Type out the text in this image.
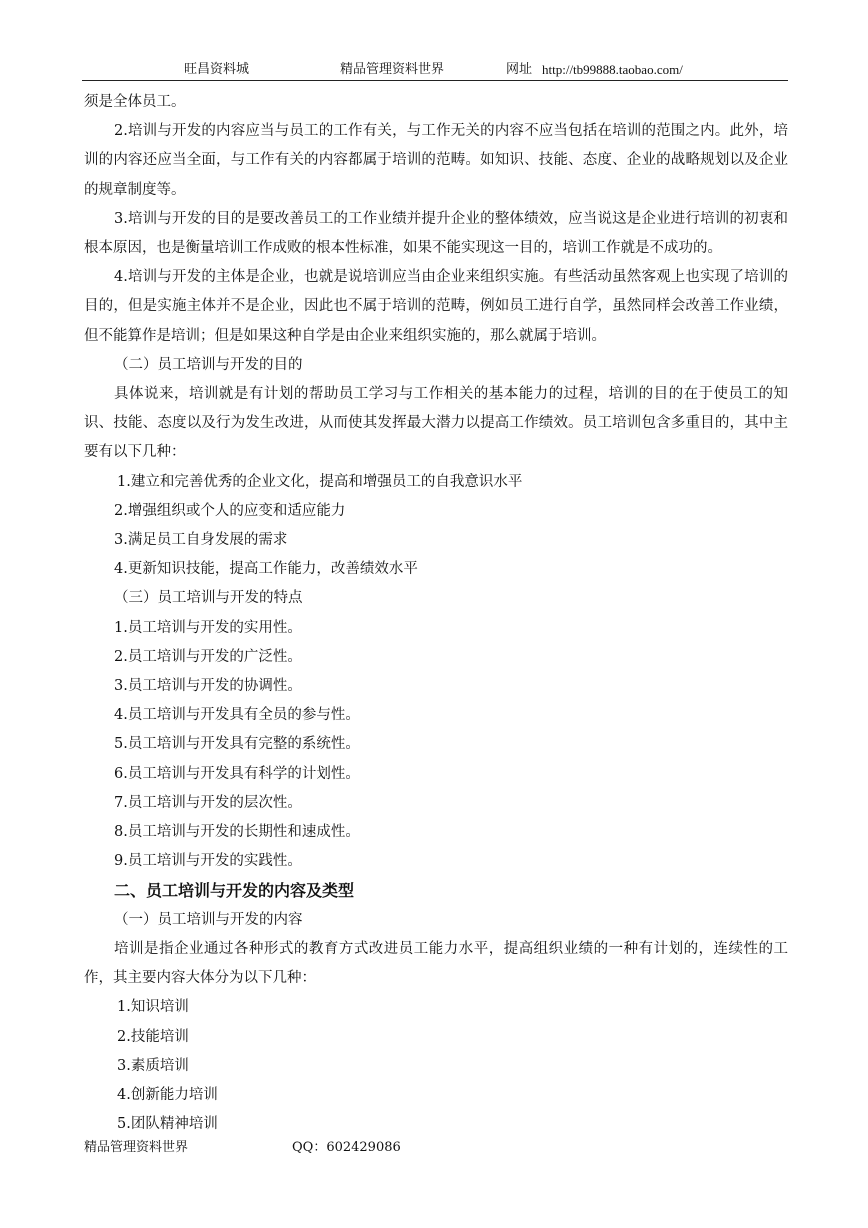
旺昌资料城	精品管理资料世界	网址 http://tb99888.taobao.com/

须是全体员工。

2.培训与开发的内容应当与员工的工作有关，与工作无关的内容不应当包括在培训的范围之内。此外，培训的内容还应当全面，与工作有关的内容都属于培训的范畴。如知识、技能、态度、企业的战略规划以及企业的规章制度等。

3.培训与开发的目的是要改善员工的工作业绩并提升企业的整体绩效，应当说这是企业进行培训的初衷和根本原因，也是衡量培训工作成败的根本性标准，如果不能实现这一目的，培训工作就是不成功的。

4.培训与开发的主体是企业，也就是说培训应当由企业来组织实施。有些活动虽然客观上也实现了培训的目的，但是实施主体并不是企业，因此也不属于培训的范畴，例如员工进行自学，虽然同样会改善工作业绩，但不能算作是培训；但是如果这种自学是由企业来组织实施的，那么就属于培训。

（二）员工培训与开发的目的

具体说来，培训就是有计划的帮助员工学习与工作相关的基本能力的过程，培训的目的在于使员工的知识、技能、态度以及行为发生改进，从而使其发挥最大潜力以提高工作绩效。员工培训包含多重目的，其中主要有以下几种：

1.建立和完善优秀的企业文化，提高和增强员工的自我意识水平

2.增强组织或个人的应变和适应能力

3.满足员工自身发展的需求

4.更新知识技能，提高工作能力，改善绩效水平

（三）员工培训与开发的特点

1.员工培训与开发的实用性。

2.员工培训与开发的广泛性。

3.员工培训与开发的协调性。

4.员工培训与开发具有全员的参与性。

5.员工培训与开发具有完整的系统性。

6.员工培训与开发具有科学的计划性。

7.员工培训与开发的层次性。

8.员工培训与开发的长期性和速成性。

9.员工培训与开发的实践性。

二、员工培训与开发的内容及类型

（一）员工培训与开发的内容

培训是指企业通过各种形式的教育方式改进员工能力水平，提高组织业绩的一种有计划的，连续性的工作，其主要内容大体分为以下几种：

1.知识培训

2.技能培训

3.素质培训

4.创新能力培训

5.团队精神培训

精品管理资料世界	QQ：602429086
